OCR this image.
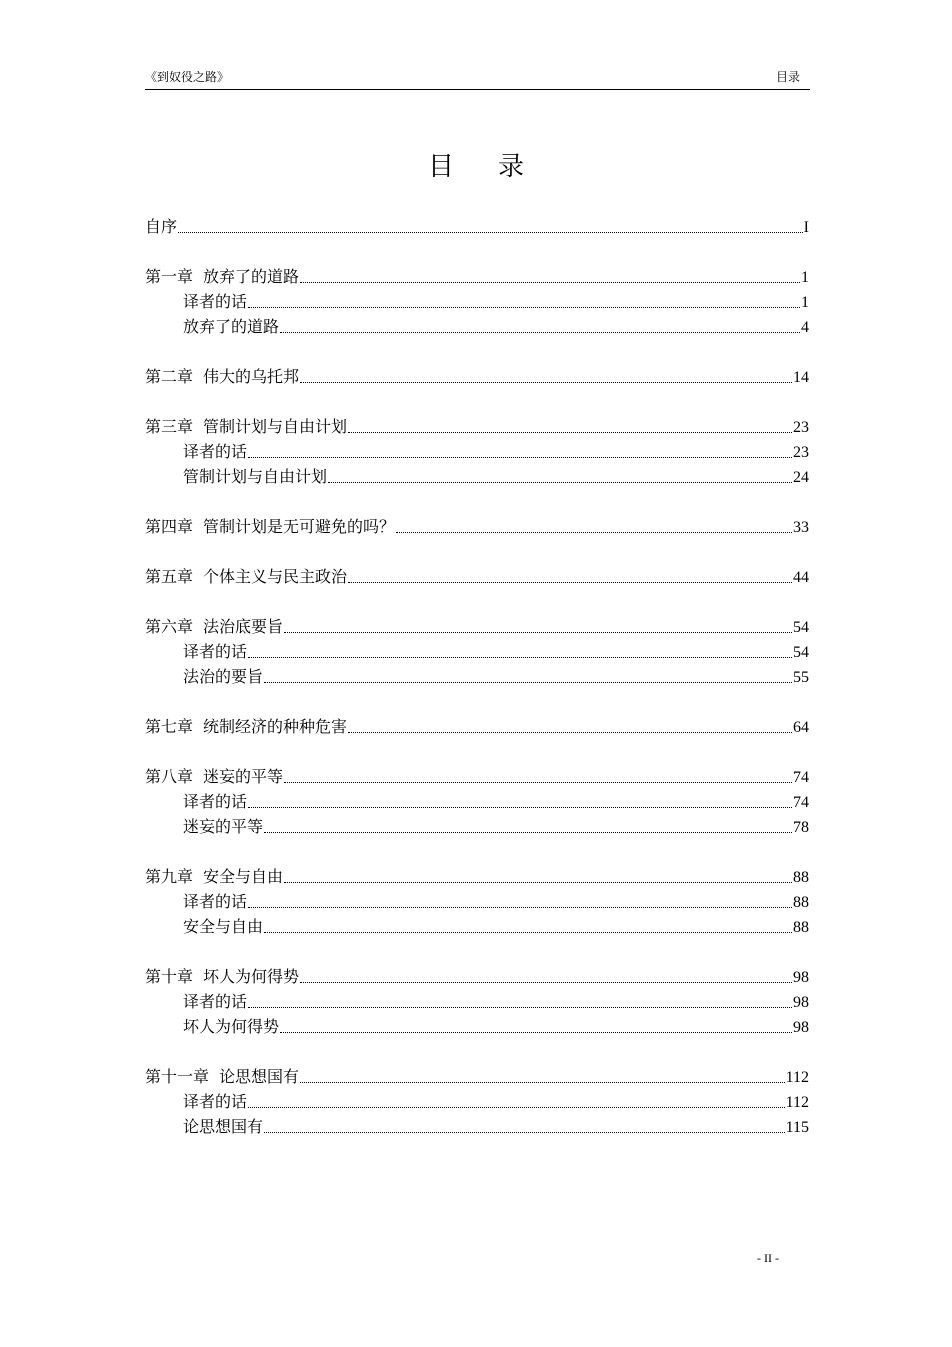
《到奴役之路》	目录
目录
自序	I
第一章 放弃了的道路	1
译者的话	1
放弃了的道路	4
第二章 伟大的乌托邦	14
第三章 管制计划与自由计划	23
译者的话	23
管制计划与自由计划	24
第四章 管制计划是无可避免的吗？	33
第五章 个体主义与民主政治	44
第六章 法治底要旨	54
译者的话	54
法治的要旨	55
第七章 统制经济的种种危害	64
第八章 迷妄的平等	74
译者的话	74
迷妄的平等	78
第九章 安全与自由	88
译者的话	88
安全与自由	88
第十章 坏人为何得势	98
译者的话	98
坏人为何得势	98
第十一章 论思想国有	112
译者的话	112
论思想国有	115
- II -
